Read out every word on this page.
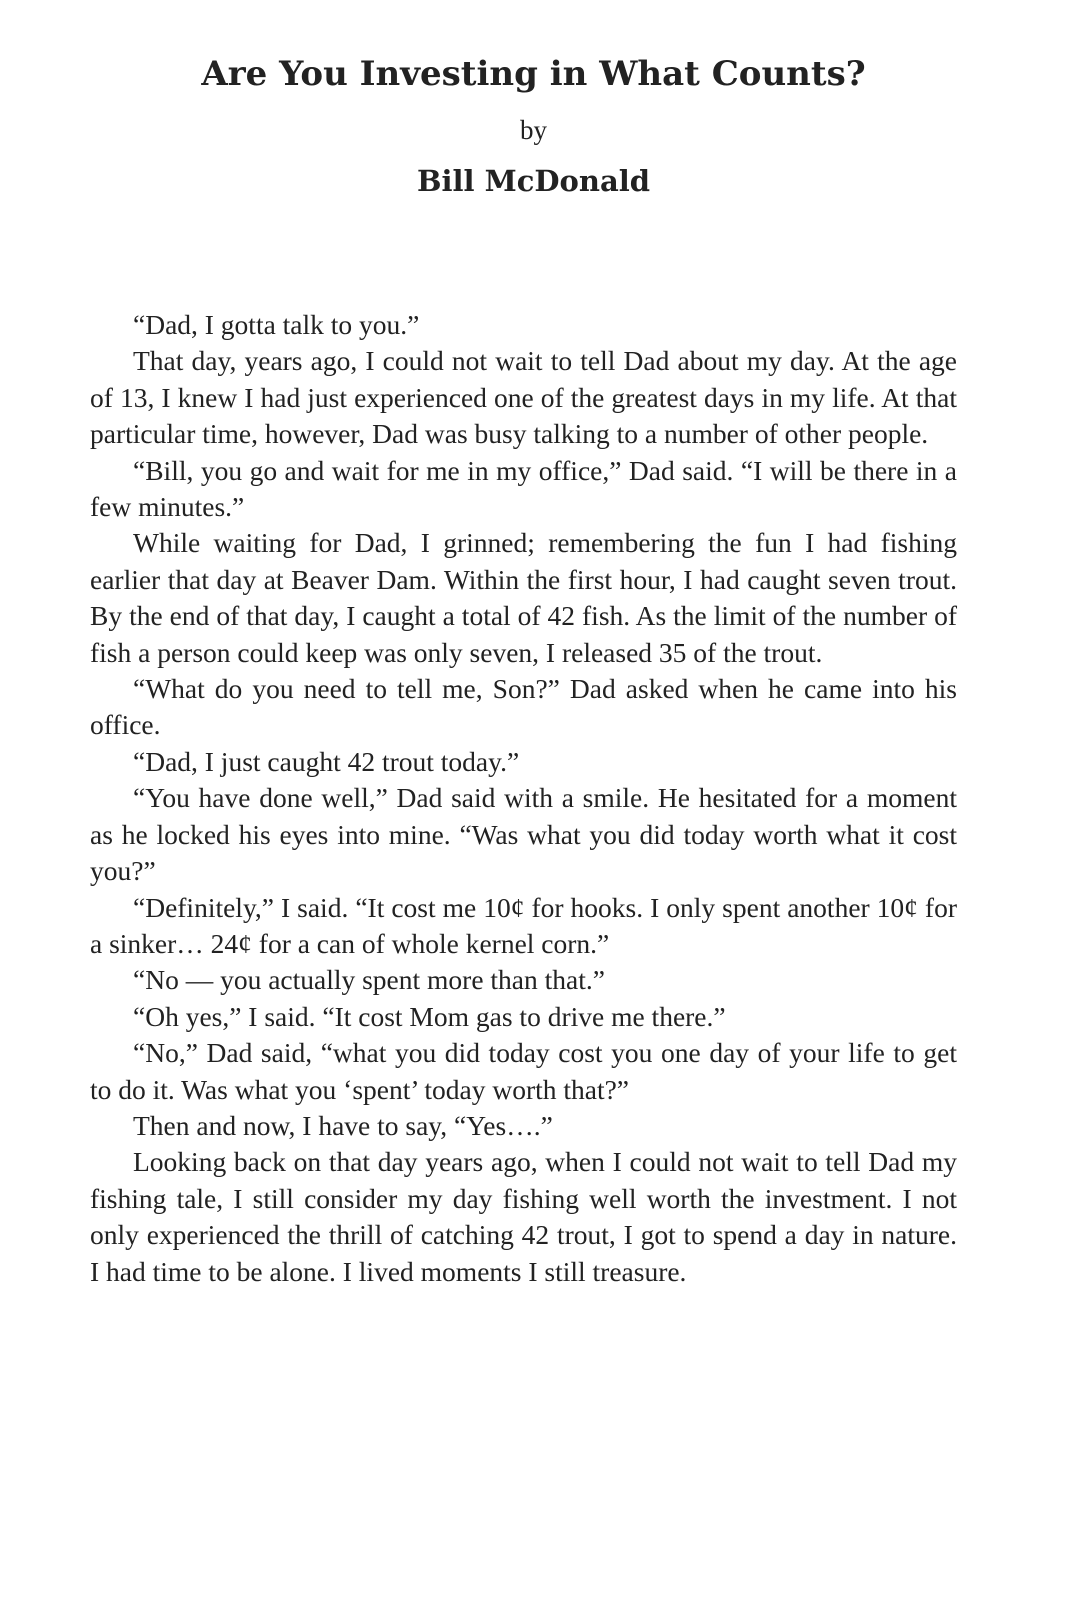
Are You Investing in What Counts?
by
Bill McDonald

“Dad, I gotta talk to you.”

That day, years ago, I could not wait to tell Dad about my day. At the age of 13, I knew I had just experienced one of the greatest days in my life. At that particular time, however, Dad was busy talking to a number of other people.

“Bill, you go and wait for me in my office,” Dad said. “I will be there in a few minutes.”

While waiting for Dad, I grinned; remembering the fun I had fishing earlier that day at Beaver Dam. Within the first hour, I had caught seven trout. By the end of that day, I caught a total of 42 fish. As the limit of the number of fish a person could keep was only seven, I released 35 of the trout.

“What do you need to tell me, Son?” Dad asked when he came into his office.

“Dad, I just caught 42 trout today.”

“You have done well,” Dad said with a smile. He hesitated for a moment as he locked his eyes into mine. “Was what you did today worth what it cost you?”

“Definitely,” I said. “It cost me 10¢ for hooks. I only spent another 10¢ for a sinker… 24¢ for a can of whole kernel corn.”

“No — you actually spent more than that.”

“Oh yes,” I said. “It cost Mom gas to drive me there.”

“No,” Dad said, “what you did today cost you one day of your life to get to do it. Was what you ‘spent’ today worth that?”

Then and now, I have to say, “Yes….”

Looking back on that day years ago, when I could not wait to tell Dad my fishing tale, I still consider my day fishing well worth the investment. I not only experienced the thrill of catching 42 trout, I got to spend a day in nature. I had time to be alone. I lived moments I still treasure.
